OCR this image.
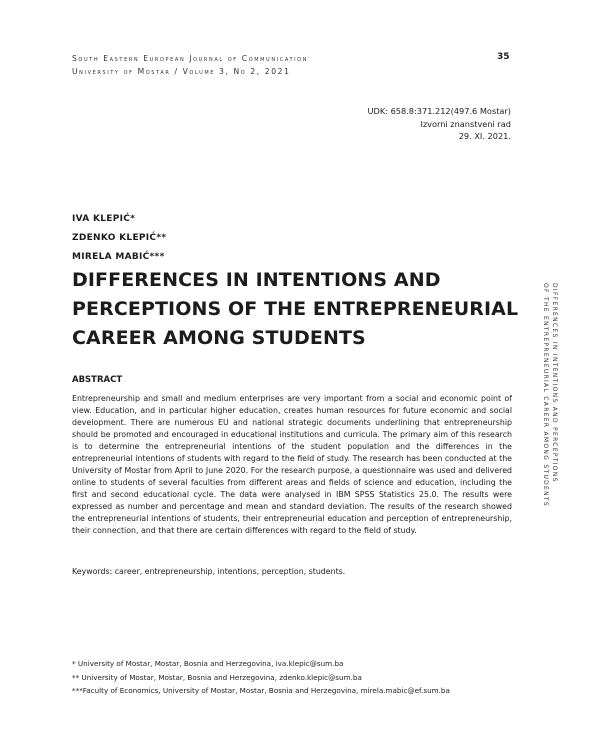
South Eastern European Journal of Communication
University of Mostar / Volume 3, No 2, 2021
35
UDK: 658.8:371.212(497.6 Mostar)
Izvorni znanstveni rad
29. XI. 2021.
IVA KLEPIĆ*
ZDENKO KLEPIĆ**
MIRELA MABIĆ***
DIFFERENCES IN INTENTIONS AND PERCEPTIONS OF THE ENTREPRENEURIAL CAREER AMONG STUDENTS
ABSTRACT

Entrepreneurship and small and medium enterprises are very important from a social and economic point of view. Education, and in particular higher education, creates human resources for future economic and social development. There are numerous EU and national strategic documents underlining that entrepreneurship should be promoted and encouraged in educational institutions and curricula. The primary aim of this research is to determine the entrepreneurial intentions of the student population and the differences in the entrepreneurial intentions of students with regard to the field of study. The research has been conducted at the University of Mostar from April to June 2020. For the research purpose, a questionnaire was used and delivered online to students of several faculties from different areas and fields of science and education, including the first and second educational cycle. The data were analysed in IBM SPSS Statistics 25.0. The results were expressed as number and percentage and mean and standard deviation. The results of the research showed the entrepreneurial intentions of students, their entrepreneurial education and perception of entrepreneurship, their connection, and that there are certain differences with regard to the field of study.

Keywords: career, entrepreneurship, intentions, perception, students.

* University of Mostar, Mostar, Bosnia and Herzegovina, iva.klepic@sum.ba
** University of Mostar, Mostar, Bosnia and Herzegovina, zdenko.klepic@sum.ba
***Faculty of Economics, University of Mostar, Mostar, Bosnia and Herzegovina, mirela.mabic@ef.sum.ba
DIFFERENCES IN INTENTIONS AND PERCEPTIONS
OF THE ENTREPRENEURIAL CAREER AMONG STUDENTS
